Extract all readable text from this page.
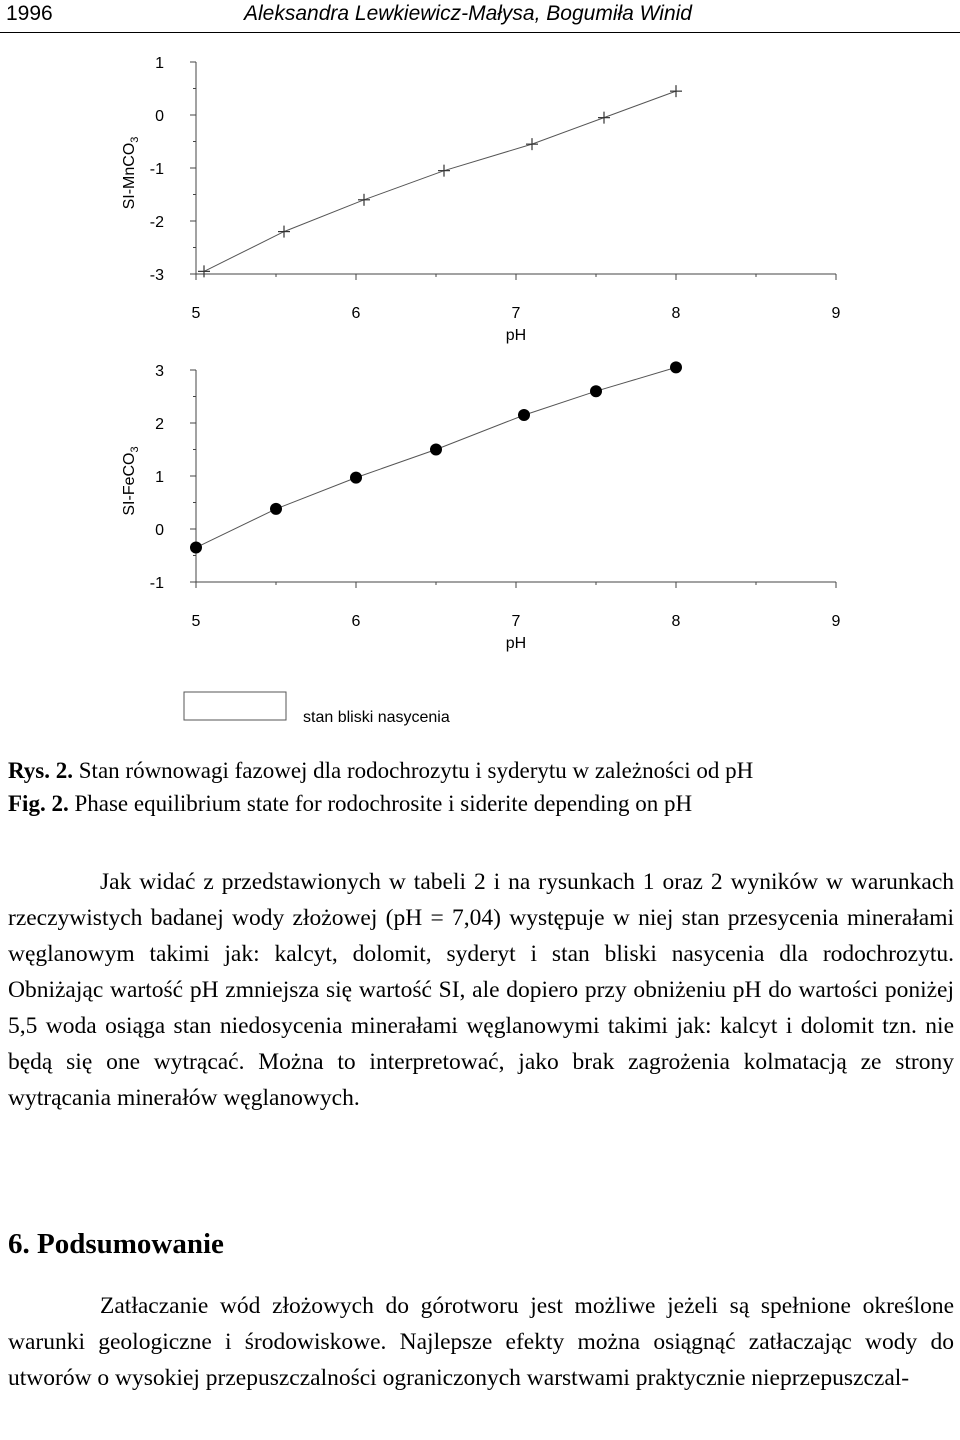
1996	Aleksandra Lewkiewicz-Małysa, Bogumiła Winid
-3
-2
-1
0
1
5	6	7	8	9
pH
SI-MnCO$_3$
-1
0
1
2
3
5	6	7	8	9
pH
SI-FeCO$_3$
stan bliski nasycenia
Rys. 2. Stan równowagi fazowej dla rodochrozytu i syderytu w zależności od pH
Fig. 2. Phase equilibrium state for rodochrosite i siderite depending on pH

Jak widać z przedstawionych w tabeli 2 i na rysunkach 1 oraz 2 wyników w warunkach rzeczywistych badanej wody złożowej (pH = 7,04) występuje w niej stan przesycenia minerałami węglanowym takimi jak: kalcyt, dolomit, syderyt i stan bliski nasycenia dla rodochrozytu. Obniżając wartość pH zmniejsza się wartość SI, ale dopiero przy obniżeniu pH do wartości poniżej 5,5 woda osiąga stan niedosycenia minerałami węglanowymi takimi jak: kalcyt i dolomit tzn. nie będą się one wytrącać. Można to interpretować, jako brak zagrożenia kolmatacją ze strony wytrącania minerałów węglanowych.

6. Podsumowanie

Zatłaczanie wód złożowych do górotworu jest możliwe jeżeli są spełnione określone warunki geologiczne i środowiskowe. Najlepsze efekty można osiągnąć zatłaczając wody do utworów o wysokiej przepuszczalności ograniczonych warstwami praktycznie nieprzepuszczal-
